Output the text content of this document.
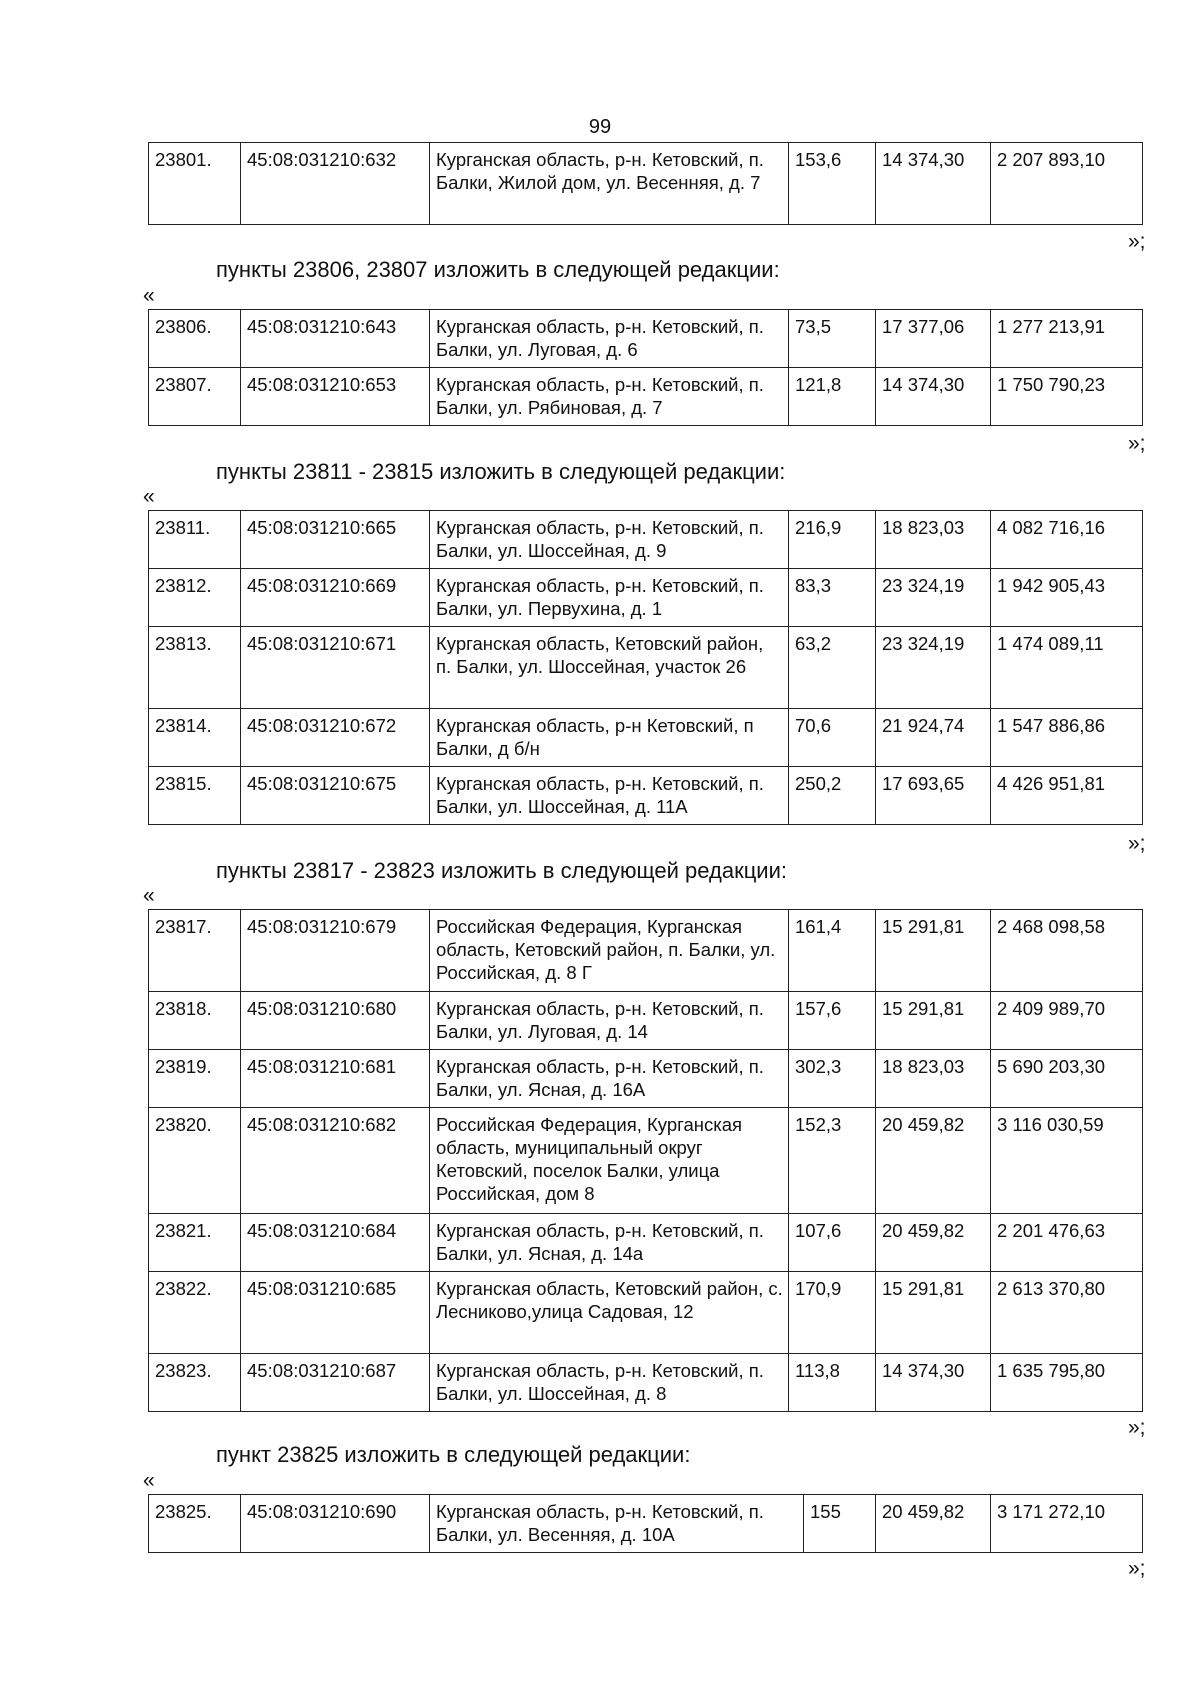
99
23801.	45:08:031210:632	Курганская область, р-н. Кетовский, п. Балки, Жилой дом, ул. Весенняя, д. 7	153,6	14 374,30	2 207 893,10
»;
пункты 23806, 23807 изложить в следующей редакции:
«
23806.	45:08:031210:643	Курганская область, р-н. Кетовский, п. Балки, ул. Луговая, д. 6	73,5	17 377,06	1 277 213,91
23807.	45:08:031210:653	Курганская область, р-н. Кетовский, п. Балки, ул. Рябиновая, д. 7	121,8	14 374,30	1 750 790,23
»;
пункты 23811 - 23815 изложить в следующей редакции:
«
23811.	45:08:031210:665	Курганская область, р-н. Кетовский, п. Балки, ул. Шоссейная, д. 9	216,9	18 823,03	4 082 716,16
23812.	45:08:031210:669	Курганская область, р-н. Кетовский, п. Балки, ул. Первухина, д. 1	83,3	23 324,19	1 942 905,43
23813.	45:08:031210:671	Курганская область, Кетовский район, п. Балки, ул. Шоссейная, участок 26	63,2	23 324,19	1 474 089,11
23814.	45:08:031210:672	Курганская область, р-н Кетовский, п Балки, д б/н	70,6	21 924,74	1 547 886,86
23815.	45:08:031210:675	Курганская область, р-н. Кетовский, п. Балки, ул. Шоссейная, д. 11А	250,2	17 693,65	4 426 951,81
»;
пункты 23817 - 23823 изложить в следующей редакции:
«
23817.	45:08:031210:679	Российская Федерация, Курганская область, Кетовский район, п. Балки, ул. Российская, д. 8 Г	161,4	15 291,81	2 468 098,58
23818.	45:08:031210:680	Курганская область, р-н. Кетовский, п. Балки, ул. Луговая, д. 14	157,6	15 291,81	2 409 989,70
23819.	45:08:031210:681	Курганская область, р-н. Кетовский, п. Балки, ул. Ясная, д. 16А	302,3	18 823,03	5 690 203,30
23820.	45:08:031210:682	Российская Федерация, Курганская область, муниципальный округ Кетовский, поселок Балки, улица Российская, дом 8	152,3	20 459,82	3 116 030,59
23821.	45:08:031210:684	Курганская область, р-н. Кетовский, п. Балки, ул. Ясная, д. 14а	107,6	20 459,82	2 201 476,63
23822.	45:08:031210:685	Курганская область, Кетовский район, с. Лесниково,улица Садовая, 12	170,9	15 291,81	2 613 370,80
23823.	45:08:031210:687	Курганская область, р-н. Кетовский, п. Балки, ул. Шоссейная, д. 8	113,8	14 374,30	1 635 795,80
»;
пункт 23825 изложить в следующей редакции:
«
23825.	45:08:031210:690	Курганская область, р-н. Кетовский, п. Балки, ул. Весенняя, д. 10А	155	20 459,82	3 171 272,10
»;
